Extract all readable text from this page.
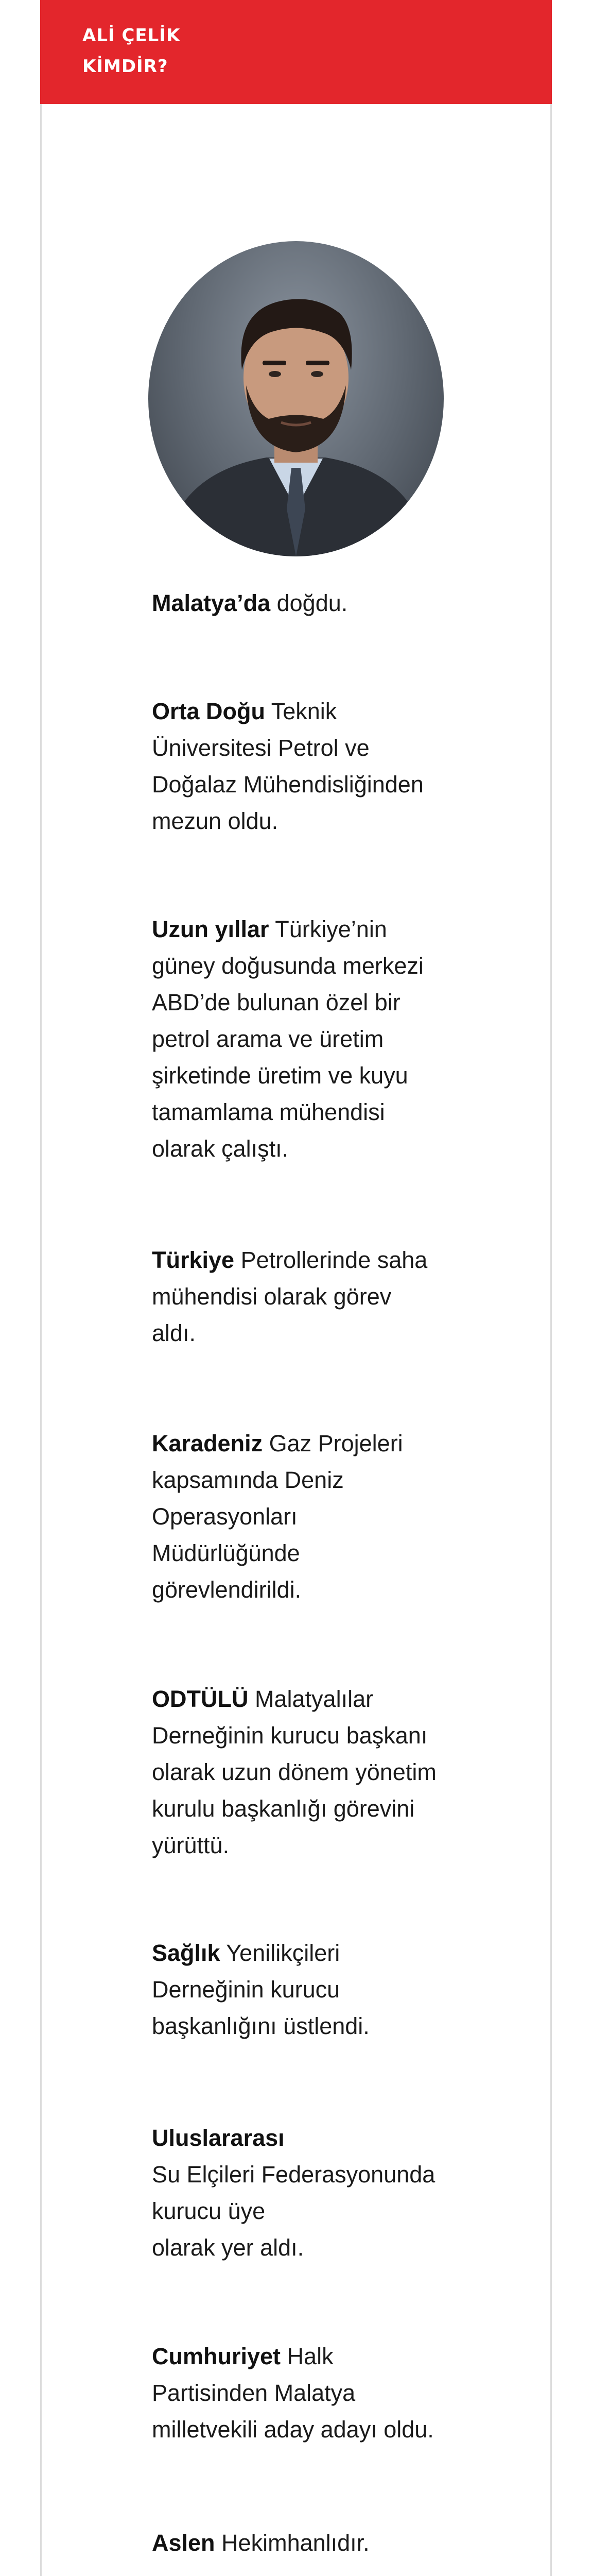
ALİ ÇELİK

KİMDİR?

Malatya’da doğdu.

Orta Doğu Teknik
Üniversitesi Petrol ve
Doğalaz Mühendisliğinden
mezun oldu.

Uzun yıllar Türkiye’nin
güney doğusunda merkezi
ABD’de bulunan özel bir
petrol arama ve üretim
şirketinde üretim ve kuyu
tamamlama mühendisi
olarak çalıştı.

Türkiye Petrollerinde saha
mühendisi olarak görev
aldı.

Karadeniz Gaz Projeleri
kapsamında Deniz
Operasyonları
Müdürlüğünde
görevlendirildi.

ODTÜLÜ Malatyalılar
Derneğinin kurucu başkanı
olarak uzun dönem yönetim
kurulu başkanlığı görevini
yürüttü.

Sağlık Yenilikçileri
Derneğinin kurucu
başkanlığını üstlendi.

Uluslararası
Su Elçileri Federasyonunda
kurucu üye
olarak yer aldı.

Cumhuriyet Halk
Partisinden Malatya
milletvekili aday adayı oldu.

Aslen Hekimhanlıdır.
